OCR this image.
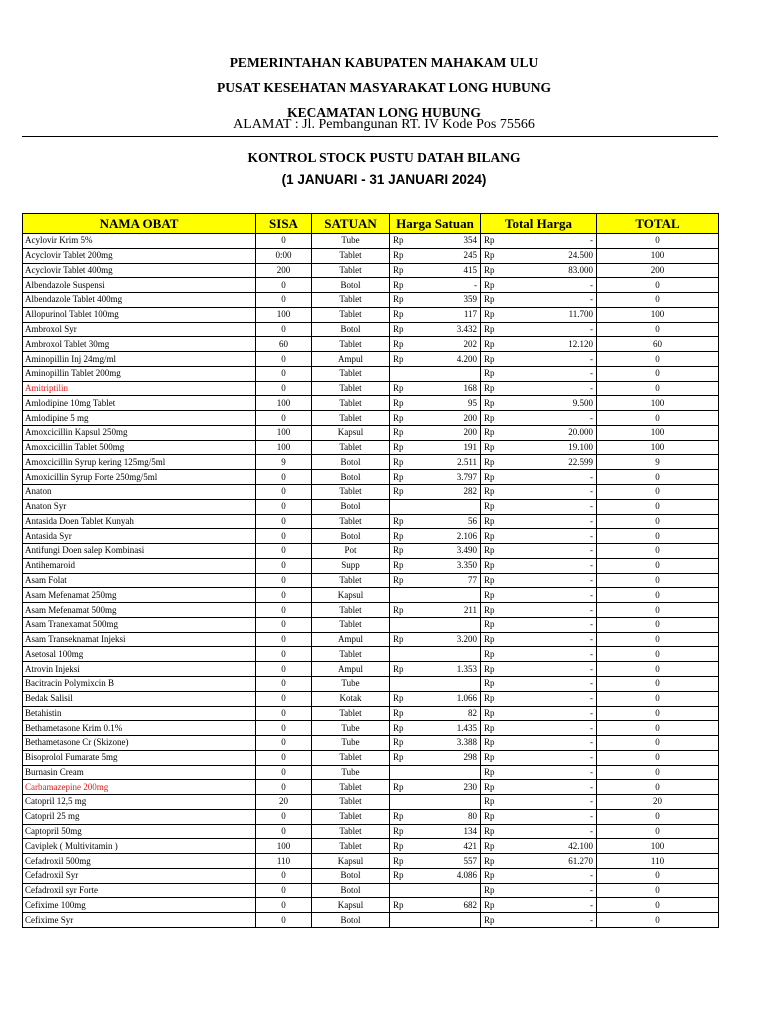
PEMERINTAHAN KABUPATEN MAHAKAM ULU
PUSAT KESEHATAN MASYARAKAT LONG HUBUNG
KECAMATAN LONG HUBUNG
ALAMAT : Jl. Pembangunan RT. IV Kode Pos 75566
KONTROL STOCK PUSTU DATAH BILANG
(1 JANUARI - 31 JANUARI 2024)
NAMA OBAT	SISA	SATUAN	Harga Satuan		Total Harga		TOTAL
Acylovir Krim 5%	0	Tube	Rp	354	Rp	-	0
Acyclovir Tablet 200mg	0:00	Tablet	Rp	245	Rp	24.500	100
Acyclovir Tablet 400mg	200	Tablet	Rp	415	Rp	83.000	200
Albendazole Suspensi	0	Botol	Rp	-	Rp	-	0
Albendazole Tablet 400mg	0	Tablet	Rp	359	Rp	-	0
Allopurinol Tablet 100mg	100	Tablet	Rp	117	Rp	11.700	100
Ambroxol Syr	0	Botol	Rp	3.432	Rp	-	0
Ambroxol Tablet 30mg	60	Tablet	Rp	202	Rp	12.120	60
Aminopillin Inj 24mg/ml	0	Ampul	Rp	4.200	Rp	-	0
Aminopillin Tablet 200mg	0	Tablet			Rp	-	0
Amitriptilin	0	Tablet	Rp	168	Rp	-	0
Amlodipine 10mg Tablet	100	Tablet	Rp	95	Rp	9.500	100
Amlodipine 5 mg	0	Tablet	Rp	200	Rp	-	0
Amoxcicillin Kapsul 250mg	100	Kapsul	Rp	200	Rp	20.000	100
Amoxcicillin Tablet 500mg	100	Tablet	Rp	191	Rp	19.100	100
Amoxcicillin Syrup kering 125mg/5ml	9	Botol	Rp	2.511	Rp	22.599	9
Amoxicillin Syrup Forte 250mg/5ml	0	Botol	Rp	3.797	Rp	-	0
Anaton	0	Tablet	Rp	282	Rp	-	0
Anaton Syr	0	Botol			Rp	-	0
Antasida Doen Tablet Kunyah	0	Tablet	Rp	56	Rp	-	0
Antasida Syr	0	Botol	Rp	2.106	Rp	-	0
Antifungi Doen salep Kombinasi	0	Pot	Rp	3.490	Rp	-	0
Antihemaroid	0	Supp	Rp	3.350	Rp	-	0
Asam Folat	0	Tablet	Rp	77	Rp	-	0
Asam Mefenamat 250mg	0	Kapsul			Rp	-	0
Asam Mefenamat 500mg	0	Tablet	Rp	211	Rp	-	0
Asam Tranexamat 500mg	0	Tablet			Rp	-	0
Asam Transeknamat Injeksi	0	Ampul	Rp	3.200	Rp	-	0
Asetosal 100mg	0	Tablet			Rp	-	0
Atrovin Injeksi	0	Ampul	Rp	1.353	Rp	-	0
Bacitracin Polymixcin B	0	Tube			Rp	-	0
Bedak Salisil	0	Kotak	Rp	1.066	Rp	-	0
Betahistin	0	Tablet	Rp	82	Rp	-	0
Bethametasone Krim 0.1%	0	Tube	Rp	1.435	Rp	-	0
Bethametasone Cr (Skizone)	0	Tube	Rp	3.388	Rp	-	0
Bisoprolol Fumarate 5mg	0	Tablet	Rp	298	Rp	-	0
Burnasin Cream	0	Tube			Rp	-	0
Carbamazepine 200mg	0	Tablet	Rp	230	Rp	-	0
Catopril 12,5 mg	20	Tablet			Rp	-	20
Catopril 25 mg	0	Tablet	Rp	80	Rp	-	0
Captopril 50mg	0	Tablet	Rp	134	Rp	-	0
Caviplek ( Multivitamin )	100	Tablet	Rp	421	Rp	42.100	100
Cefadroxil 500mg	110	Kapsul	Rp	557	Rp	61.270	110
Cefadroxil Syr	0	Botol	Rp	4.086	Rp	-	0
Cefadroxil syr Forte	0	Botol			Rp	-	0
Cefixime 100mg	0	Kapsul	Rp	682	Rp	-	0
Cefixime Syr	0	Botol			Rp	-	0
